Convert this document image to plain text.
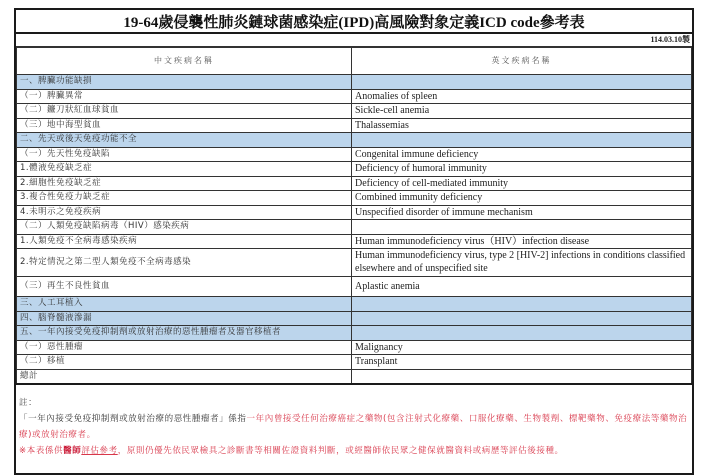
19-64歲侵襲性肺炎鏈球菌感染症(IPD)高風險對象定義ICD code參考表
114.03.10製
中文疾病名稱	英文疾病名稱
一、脾臟功能缺損	
（一）脾臟異常	Anomalies of spleen
（二）鐮刀狀紅血球貧血	Sickle-cell anemia
（三）地中海型貧血	Thalassemias
二、先天或後天免疫功能不全	
（一）先天性免疫缺陷	Congenital immune deficiency
1.體液免疫缺乏症	Deficiency of humoral immunity
2.細胞性免疫缺乏症	Deficiency of cell-mediated immunity
3.複合性免疫力缺乏症	Combined immunity deficiency
4.未明示之免疫疾病	Unspecified disorder of immune mechanism
（二）人類免疫缺陷病毒（HIV）感染疾病	
1.人類免疫不全病毒感染疾病	Human immunodeficiency virus（HIV）infection disease
2.特定情況之第二型人類免疫不全病毒感染	Human immunodeficiency virus, type 2 [HIV-2] infections in conditions classified elsewhere and of unspecified site
（三）再生不良性貧血	Aplastic anemia
三、人工耳植入	
四、腦脊髓液滲漏	
五、一年內接受免疫抑制劑或放射治療的惡性腫瘤者及器官移植者	
（一）惡性腫瘤	Malignancy
（二）移植	Transplant
總計	
註：
「一年內接受免疫抑制劑或放射治療的惡性腫瘤者」係指一年內曾接受任何治療癌症之藥物(包含注射式化療藥、口服化療藥、生物製劑、標靶藥物、免疫療法等藥物治療)或放射治療者。
※本表係供醫師評估參考，原則仍優先依民眾檢具之診斷書等相關佐證資料判斷，或經醫師依民眾之健保就醫資料或病歷等評估後接種。
